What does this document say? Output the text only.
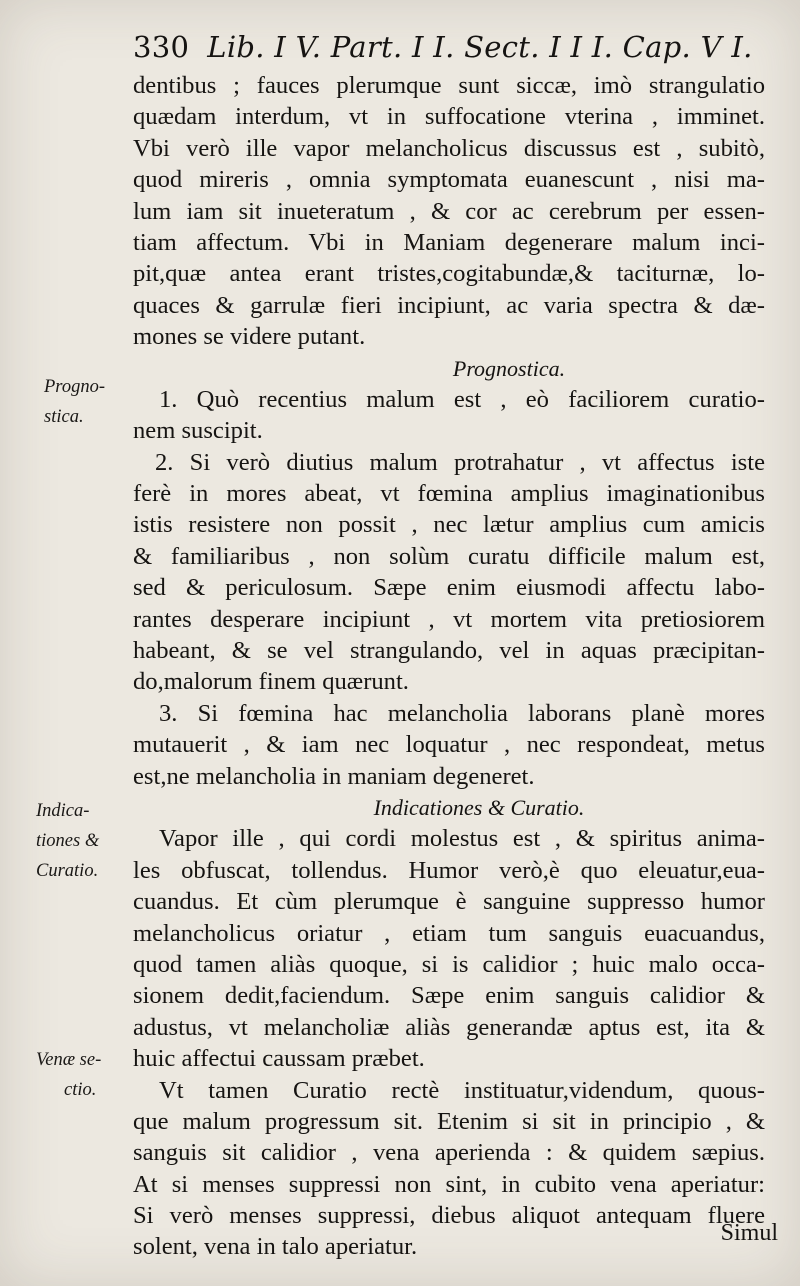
330 Lib. I V. Part. I I. Sect. I I I. Cap. V I.
dentibus ; fauces plerumque sunt siccæ, imò strangulatio
quædam interdum, vt in suffocatione vterina , imminet.
Vbi verò ille vapor melancholicus discussus est , subitò,
quod mireris , omnia symptomata euanescunt , nisi ma-
lum iam sit inueteratum , & cor ac cerebrum per essen-
tiam affectum. Vbi in Maniam degenerare malum inci-
pit,quæ antea erant tristes,cogitabundæ,& taciturnæ, lo-
quaces & garrulæ fieri incipiunt, ac varia spectra & dæ-
mones se videre putant.
Prognostica.
1. Quò recentius malum est , eò faciliorem curatio-
nem suscipit.
2. Si verò diutius malum protrahatur , vt affectus iste
ferè in mores abeat, vt fœmina amplius imaginationibus
istis resistere non possit , nec lætur amplius cum amicis
& familiaribus , non solùm curatu difficile malum est,
sed & periculosum. Sæpe enim eiusmodi affectu labo-
rantes desperare incipiunt , vt mortem vita pretiosiorem
habeant, & se vel strangulando, vel in aquas præcipitan-
do,malorum finem quærunt.
3. Si fœmina hac melancholia laborans planè mores
mutauerit , & iam nec loquatur , nec respondeat, metus
est,ne melancholia in maniam degeneret.
Indicationes & Curatio.
Vapor ille , qui cordi molestus est , & spiritus anima-
les obfuscat, tollendus. Humor verò,è quo eleuatur,eua-
cuandus. Et cùm plerumque è sanguine suppresso humor
melancholicus oriatur , etiam tum sanguis euacuandus,
quod tamen aliàs quoque, si is calidior ; huic malo occa-
sionem dedit,faciendum. Sæpe enim sanguis calidior &
adustus, vt melancholiæ aliàs generandæ aptus est, ita &
huic affectui caussam præbet.
Vt tamen Curatio rectè instituatur,videndum, quous-
que malum progressum sit. Etenim si sit in principio , &
sanguis sit calidior , vena aperienda : & quidem sæpius.
At si menses suppressi non sint, in cubito vena aperiatur:
Si verò menses suppressi, diebus aliquot antequam fluere
solent, vena in talo aperiatur.
Progno-
stica.
Indica-
tiones &
Curatio.
Venæ se-
ctio.
Simul
